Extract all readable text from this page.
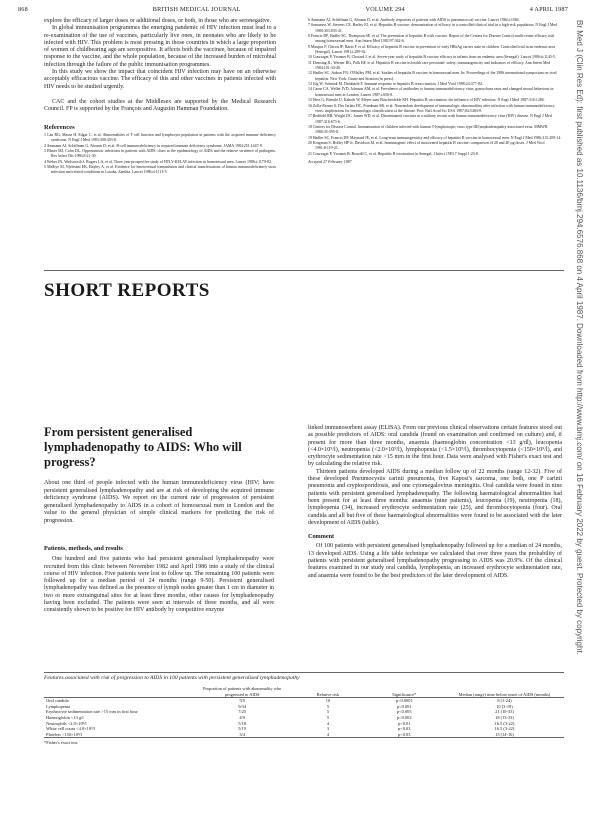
868	BRITISH MEDICAL JOURNAL	VOLUME 294	4 APRIL 1987
Br Med J (Clin Res Ed): first published as 10.1136/bmj.294.6576.868 on 4 April 1987. Downloaded from http://www.bmj.com/ on 16 February 2022 by guest. Protected by copyright.

explore the efficacy of larger doses or additional doses, or both, in those who are seronegative.

In global immunisation programmes the emerging pandemic of HIV infection must lead to a re-examination of the use of vaccines, particularly live ones, in neonates who are likely to be infected with HIV. This problem is most pressing in those countries in which a large proportion of women of childbearing age are seropositive. It affects both the vaccinee, because of impaired response to the vaccine, and the whole population, because of the increased burden of microbial infection through the failure of the public immunisation programmes.

In this study we show the impact that coincident HIV infection may have on an otherwise acceptably efficacious vaccine. The efficacy of this and other vaccines in patients infected with HIV needs to be studied urgently.

CAC and the cohort studies at the Middlesex are supported by the Medical Research Council. FP is supported by the François and Augustin Hamman Foundation.

References
1 Lau RG, Masur H, Edgar C, et al. Abnormalities of T-cell function and lymphocyte population in patients with the acquired immune deficiency syndrome. N Engl J Med 1983;309:453-8.
2 Ammann AJ, Schiffman G, Abrams D, et al. B-cell immunodeficiency in acquired immune deficiency syndrome. JAMA 1984;251:1447-9.
3 Blaser MJ, Cohn DL. Opportunistic infections in patients with AIDS: clues to the epidemiology of AIDS and the relative virulence of pathogens. Rev Infect Dis 1986;8:21-30.
4 Weber JN, Wadsworth J, Rogers LA, et al. Three year prospective study of HTLV-III/LAV infection in homosexual men. Lancet 1986;i:1179-82.
5 Melbye M, Njelesani EK, Bayley A, et al. Evidence for heterosexual transmission and clinical manifestations of human immunodeficiency virus infection and related conditions in Lusaka, Zambia. Lancet 1986;ii:1113-5.
6 Ammann AJ, Schiffman G, Abrams D, et al. Antibody responses of patients with AIDS to pneumococcal vaccine. Lancet 1984;i:1084.
7 Szmuness W, Stevens CE, Harley EJ, et al. Hepatitis B vaccine: demonstration of efficacy in a controlled clinical trial in a high-risk population. N Engl J Med 1980;303:833-41.
8 Francis DP, Hadler SC, Thompson SE, et al. The prevention of hepatitis B with vaccine. Report of the Centers for Disease Control multi-center efficacy trial among homosexual men. Ann Intern Med 1982;97:362-6.
9 Maupas P, Chiron JP, Barin F, et al. Efficacy of hepatitis B vaccine in prevention of early HBsAg carrier state in children. Controlled trial in an endemic area (Senegal). Lancet 1981;i:289-92.
10 Coursaget P, Yvonnet B, Chotard J, et al. Seven-year study of hepatitis B vaccine efficacy in infants from an endemic area (Senegal). Lancet 1986;ii:1143-5.
11 Dienstag JL, Werner BG, Polk BF, et al. Hepatitis B vaccine in health care personnel: safety, immunogenicity and indicators of efficacy. Ann Intern Med 1984;101:34-40.
12 Hadler SC, Judson FN, O'Malley PM, et al. Studies of hepatitis B vaccine in homosexual men. In: Proceedings of the 1986 international symposium on viral hepatitis. New York: Grune and Stratton (in press).
13 Jilg W, Schmidt M, Deinhardt F. Immune response to hepatitis B revaccination. J Med Virol 1988;24:377-84.
14 Carne CA, Weller IVD, Johnson AM, et al. Prevalence of antibodies to human immunodeficiency virus, gonorrhoea rates and changed sexual behaviour in homosexual men in London. Lancet 1987;i:656-8.
15 Hess G, Bienzle U, Kaboth W, Meyer zum Büschenfelde KH. Hepatitis B vaccination: the influence of HIV infection. N Engl J Med 1987;316:1286.
16 Zolla-Pazner S, Des Jarlais DC, Friedman SR, et al. Nonrandom development of immunologic abnormalities after infection with human immunodeficiency virus: implications for immunologic classification of the disease. Proc Natl Acad Sci USA 1987;84:5404-8.
17 Redfield RR, Wright DC, James WD, et al. Disseminated vaccinia in a military recruit with human immunodeficiency virus (HIV) disease. N Engl J Med 1987;316:673-6.
18 Centers for Disease Control. Immunization of children infected with human T-lymphotropic virus type III/lymphadenopathy-associated virus. MMWR 1986;35:595-8.
19 Hadler SC, Francis DP, Maynard JE, et al. Long-term immunogenicity and efficacy of hepatitis B vaccine in homosexual men. N Engl J Med 1986;315:209-14.
20 Krugman S, Holley HP Jr, Davidson M, et al. Immunogenic effect of inactivated hepatitis B vaccine: comparison of 20 and 40 µg doses. J Med Virol 1981;8:119-21.
21 Coursaget P, Yvonnet B, Bourdil C, et al. Hepatitis B vaccination in Senegal. J Infect 1983;7 Suppl 1:23-8.
Accepted 27 February 1987
SHORT REPORTS
From persistent generalised lymphadenopathy to AIDS: Who will progress?
About one third of people infected with the human immunodeficiency virus (HIV; have persistent generalised lymphadenopathy and are at risk of developing the acquired immune deficiency syndrome (AIDS). We report on the current rate of progression of persistent generalised lymphadenopathy to AIDS in a cohort of homosexual men in London and the value to the general physician of simple clinical markers for predicting the risk of progression.
Patients, methods, and results

One hundred and five patients who had persistent generalised lymphadenopathy were recruited from this clinic between November 1982 and April 1986 into a study of the clinical course of HIV infection. Five patients were lost to follow up. The remaining 100 patients were followed up for a median period of 24 months (range 9-50). Persistent generalised lymphadenopathy was defined as the presence of lymph nodes greater than 1 cm in diameter in two or more extrainguinal sites for at least three months, other causes for lymphadenopathy having been excluded. The patients were seen at intervals of three months, and all were consistently shown to be positive for HIV antibody by competitive enzyme

linked immunosorbent assay (ELISA). From our previous clinical observations certain features stood out as possible predictors of AIDS: oral candida (found on examination and confirmed on culture) and, if present for more than three months, anaemia (haemoglobin concentration <13 g/dl), leucopenia (<4.0×10⁹/l), neutropenia (<2.0×10⁹/l), lymphopenia (<1.5×10⁹/l), thrombocytopenia (<150×10⁹/l), and erythrocyte sedimentation rate >15 mm in the first hour. Data were analysed with Fisher's exact test and by calculating the relative risk.

Thirteen patients developed AIDS during a median follow up of 22 months (range 12-32). Five of these developed Pneumocystis carinii pneumonia, five Kaposi's sarcoma, one both, one P carinii pneumonia and cryptosporidiosis, and one cytomegalovirus meningitis. Oral candida were found in nine patients with persistent generalised lymphadenopathy. The following haematological abnormalities had been present for at least three months: anaemia (nine patients), leucopenia (19), neutropenia (18), lymphopenia (34), increased erythrocyte sedimentation rate (25), and thrombocytopenia (four). Oral candida and all but five of these haematological abnormalities were found to be associated with the later development of AIDS (table).

Comment

Of 100 patients with persistent generalised lymphadenopathy followed up for a median of 24 months, 13 developed AIDS. Using a life table technique we calculated that over three years the probability of patients with persistent generalised lymphadenopathy progressing to AIDS was 20.9%. Of the clinical features examined in our study oral candida, lymphopenia, an increased erythrocyte sedimentation rate, and anaemia were found to be the best predictors of the later development of AIDS.

Features associated with risk of progression to AIDS in 100 patients with persistent generalised lymphadenopathy
	Proportion of patients with abnormality who progressed to AIDS	Relative risk	Significance*	Median (range) time before onset of AIDS (months)
Oral candida	5/9	10	p<0.0001	8 (1-24)
Lymphopenia	9/34	5	p<0.001	10 (3-18)
Erythrocyte sedimentation rate >15 mm in first hour	7/25	5	p<0.005	21 (10-33)
Haemoglobin <13 g/l	4/9	5	p<0.002	18 (13-33)
Neutrophils <2.0×10⁹/l	5/18	4	p<0.01	16.5 (3-22)
White cell count <4.0×10⁹/l	5/19	3	p<0.03	16.5 (3-22)
Platelets <150×10⁹/l	3/4	4	p<0.03	15 (14-16)
*Fisher's exact test.
